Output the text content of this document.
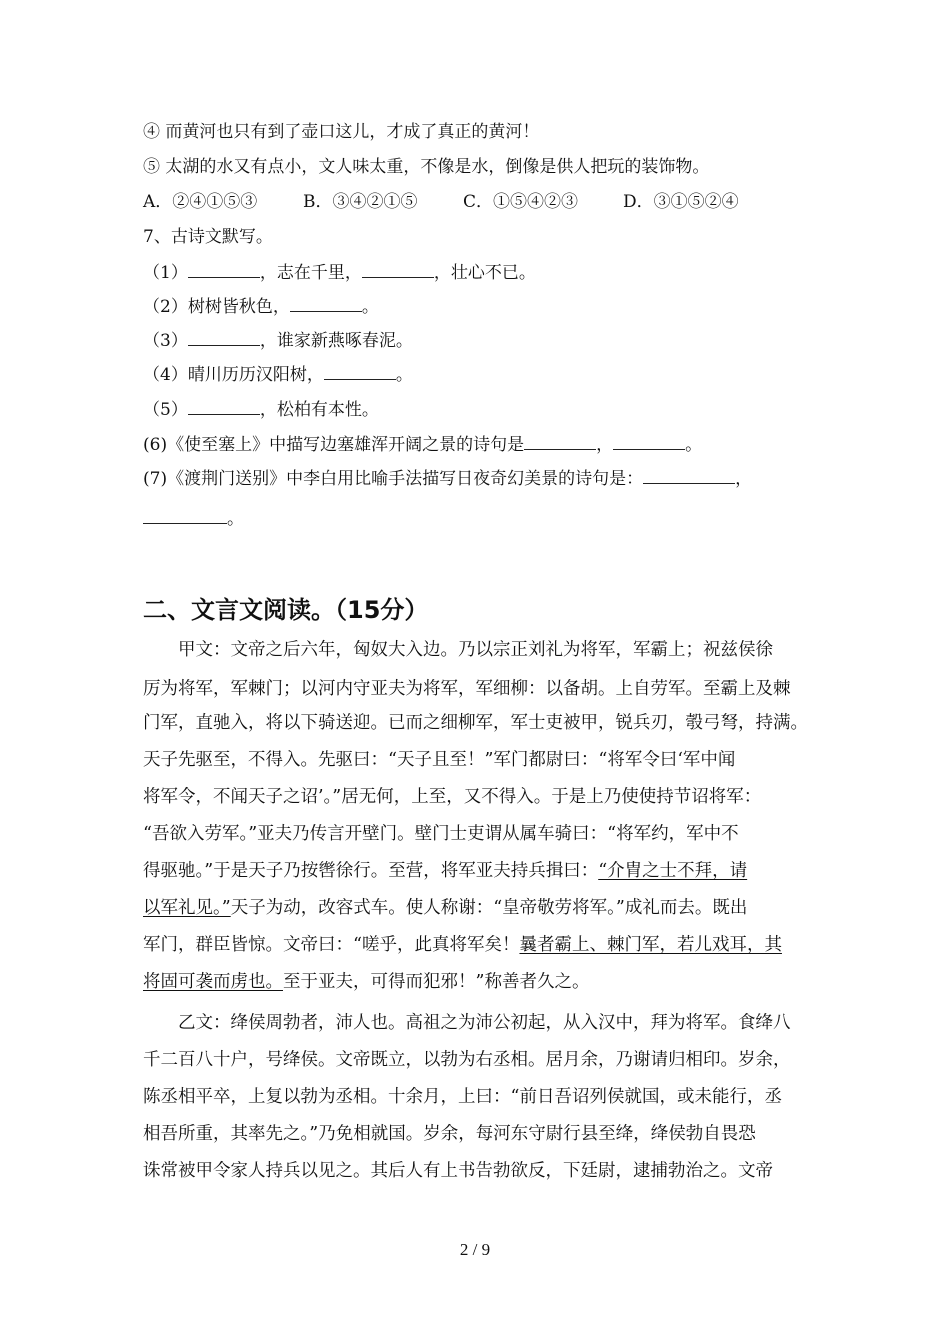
④ 而黄河也只有到了壶口这儿，才成了真正的黄河！
⑤ 太湖的水又有点小，文人味太重，不像是水，倒像是供人把玩的装饰物。
A．②④①⑤③	B．③④②①⑤	C．①⑤④②③	D．③①⑤②④
7、古诗文默写。
（1）	，志在千里，	，壮心不已。
（2）树树皆秋色，	。
（3）	，谁家新燕啄春泥。
（4）晴川历历汉阳树，	。
（5）	，松柏有本性。
(6)《使至塞上》中描写边塞雄浑开阔之景的诗句是	，	。
(7)《渡荆门送别》中李白用比喻手法描写日夜奇幻美景的诗句是：	，
。
二、文言文阅读。（15分）
　　甲文：文帝之后六年，匈奴大入边。乃以宗正刘礼为将军，军霸上；祝兹侯徐
厉为将军，军棘门；以河内守亚夫为将军，军细柳：以备胡。上自劳军。至霸上及棘
门军，直驰入，将以下骑送迎。已而之细柳军，军士吏被甲，锐兵刃，彀弓弩，持满。
天子先驱至，不得入。先驱曰：“天子且至！”军门都尉曰：“将军令曰‘军中闻
将军令，不闻天子之诏’。”居无何，上至，又不得入。于是上乃使使持节诏将军：
“吾欲入劳军。”亚夫乃传言开壁门。壁门士吏谓从属车骑曰：“将军约，军中不
得驱驰。”于是天子乃按辔徐行。至营，将军亚夫持兵揖曰：“介胄之士不拜，请
以军礼见。”天子为动，改容式车。使人称谢：“皇帝敬劳将军。”成礼而去。既出
军门，群臣皆惊。文帝曰：“嗟乎，此真将军矣！曩者霸上、棘门军，若儿戏耳，其
将固可袭而虏也。至于亚夫，可得而犯邪！”称善者久之。
　　乙文：绛侯周勃者，沛人也。高祖之为沛公初起，从入汉中，拜为将军。食绛八
千二百八十户，号绛侯。文帝既立，以勃为右丞相。居月余，乃谢请归相印。岁余，
陈丞相平卒，上复以勃为丞相。十余月，上曰：“前日吾诏列侯就国，或未能行，丞
相吾所重，其率先之。”乃免相就国。岁余，每河东守尉行县至绛，绛侯勃自畏恐
诛常被甲令家人持兵以见之。其后人有上书告勃欲反，下廷尉，逮捕勃治之。文帝
2 / 9
